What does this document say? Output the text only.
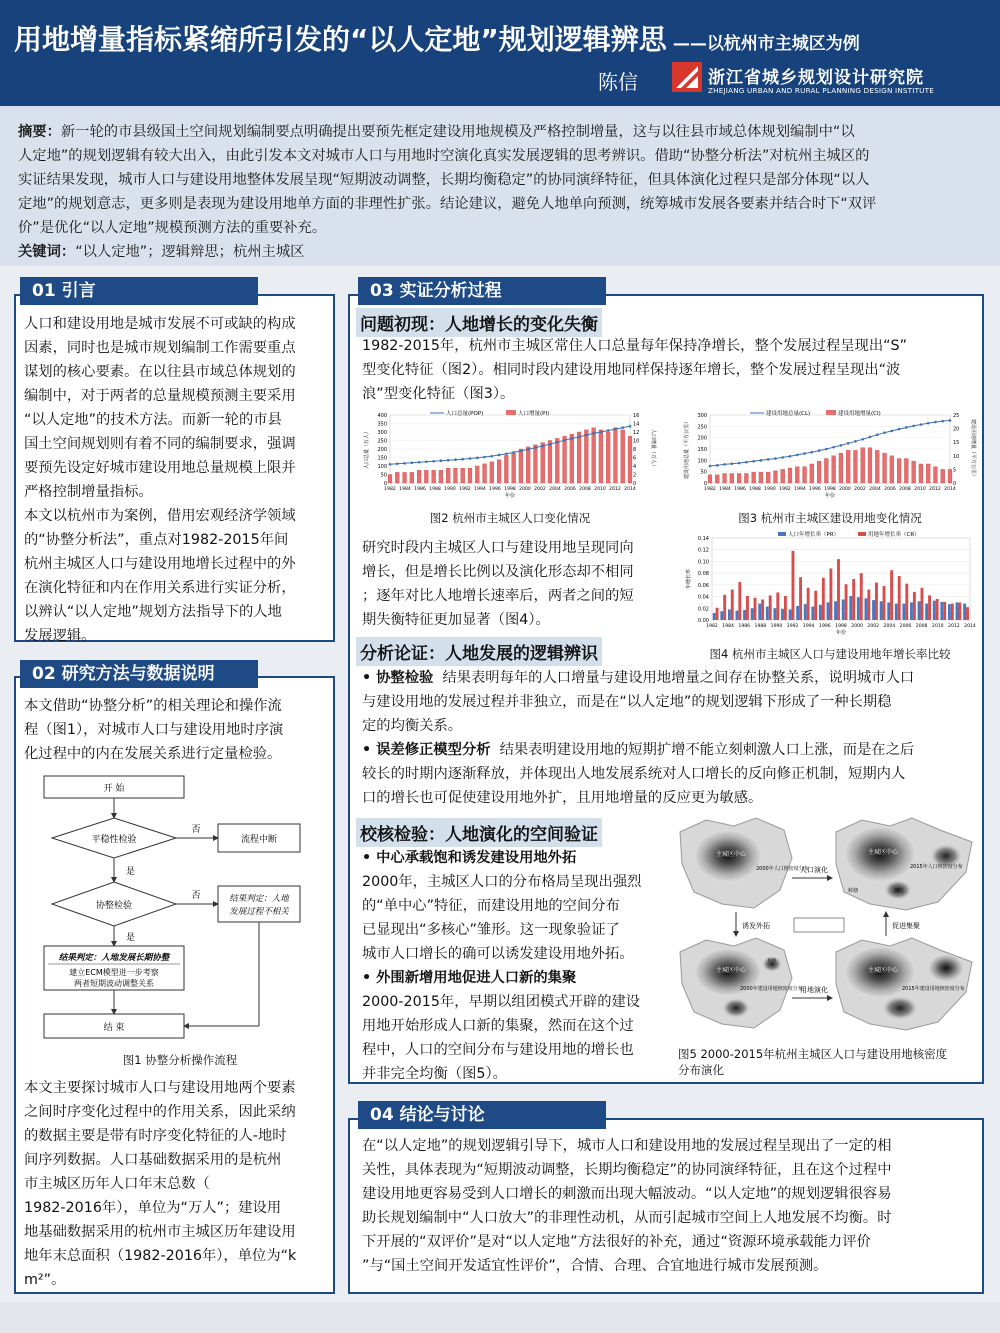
用地增量指标紧缩所引发的“以人定地”规划逻辑辨思 ——以杭州市主城区为例
陈信	浙江省城乡规划设计研究院
ZHEJIANG URBAN AND RURAL PLANNING DESIGN INSTITUTE
摘要：新一轮的市县级国土空间规划编制要点明确提出要预先框定建设用地规模及严格控制增量，这与以往县市域总体规划编制中“以
人定地”的规划逻辑有较大出入，由此引发本文对城市人口与用地时空演化真实发展逻辑的思考辨识。借助“协整分析法”对杭州主城区的
实证结果发现，城市人口与建设用地整体发展呈现“短期波动调整，长期均衡稳定”的协同演绎特征，但具体演化过程只是部分体现“以人
定地”的规划意志，更多则是表现为建设用地单方面的非理性扩张。结论建议，避免人地单向预测，统筹城市发展各要素并结合时下“双评
价”是优化“以人定地”规模预测方法的重要补充。
关键词：“以人定地”；逻辑辩思；杭州主城区
01 引言
人口和建设用地是城市发展不可或缺的构成
因素，同时也是城市规划编制工作需要重点
谋划的核心要素。在以往县市域总体规划的
编制中，对于两者的总量规模预测主要采用
“以人定地”的技术方法。而新一轮的市县
国土空间规划则有着不同的编制要求，强调
要预先设定好城市建设用地总量规模上限并
严格控制增量指标。
本文以杭州市为案例，借用宏观经济学领域
的“协整分析法”，重点对1982-2015年间
杭州主城区人口与建设用地增长过程中的外
在演化特征和内在作用关系进行实证分析，
以辨认“以人定地”规划方法指导下的人地
发展逻辑。
02 研究方法与数据说明
本文借助“协整分析”的相关理论和操作流
程（图1），对城市人口与建设用地时序演
化过程中的内在发展关系进行定量检验。
开 始
平稳性检验
否
流程中断
是
协整检验
否	结果判定：人地
发展过程不相关
是
结果判定：人地发展长期协整
建立ECM模型进一步考察
两者短期波动调整关系
结 束
图1 协整分析操作流程
本文主要探讨城市人口与建设用地两个要素
之间时序变化过程中的作用关系，因此采纳
的数据主要是带有时序变化特征的人-地时
间序列数据。人口基础数据采用的是杭州
市主城区历年人口年末总数（
1982-2016年），单位为“万人”；建设用
地基础数据采用的杭州市主城区历年建设用
地年末总面积（1982-2016年），单位为“k
m²”。
03 实证分析过程
问题初现：人地增长的变化失衡
1982-2015年，杭州市主城区常住人口总量每年保持净增长，整个发展过程呈现出“S”
型变化特征（图2）。相同时段内建设用地同样保持逐年增长，整个发展过程呈现出“波
浪”型变化特征（图3）。
0
50
100
150
200
250
300
350
400
0
2
4
6
8
10
12
14
16
1982 1984 1986 1988 1990 1992 1994 1996 1998 2000 2002 2004 2006 2008 2010 2012 2014
年份
人口总量（万人）	人口增量（万人）
人口总量(POP)	人口增量(PI)
图2 杭州市主城区人口变化情况
0
50
100
150
200
250
300
0
5
10
15
20
25
1982 1984 1986 1988 1990 1992 1994 1996 1998 2000 2002 2004 2006 2008 2010 2012 2014
年份
建设用地总量（平方公里）	建设用地增量（平方公里）
建设用地总量(CL)	建设用地增量(CI)
图3 杭州市主城区建设用地变化情况
研究时段内主城区人口与建设用地呈现同向
增长，但是增长比例以及演化形态却不相同
；逐年对比人地增长速率后，两者之间的短
期失衡特征更加显著（图4）。	0.00
0.02
0.04
0.06
0.08
0.10
0.12
0.14
1982 1984 1986 1988 1990 1992 1994 1996 1998 2000 2002 2004 2006 2008 2010 2012 2014
年份
年增长率
人口年增长率（PR）	用地年增长率（CR）
图4 杭州市主城区人口与建设用地年增长率比较
分析论证：人地发展的逻辑辨识
• 协整检验 结果表明每年的人口增量与建设用地增量之间存在协整关系，说明城市人口
与建设用地的发展过程并非独立，而是在“以人定地”的规划逻辑下形成了一种长期稳
定的均衡关系。
• 误差修正模型分析 结果表明建设用地的短期扩增不能立刻刺激人口上涨，而是在之后
较长的时期内逐渐释放，并体现出人地发展系统对人口增长的反向修正机制，短期内人
口的增长也可促使建设用地外扩，且用地增量的反应更为敏感。
校核检验：人地演化的空间验证
• 中心承载饱和诱发建设用地外拓
2000年，主城区人口的分布格局呈现出强烈
的“单中心”特征，而建设用地的空间分布
已显现出“多核心”雏形。这一现象验证了
城市人口增长的确可以诱发建设用地外拓。
• 外围新增用地促进人口新的集聚
2000-2015年，早期以组团模式开辟的建设
用地开始形成人口新的集聚，然而在这个过
程中，人口的空间分布与建设用地的增长也
并非完全均衡（图5）。
主城区中心
2000年人口核密度分布
主城区中心
2015年人口核密度分布
滨江
转塘
主城区中心
2000年建设用地核密度分布
下沙
主城区中心
2015年建设用地核密度分布
人口演化
用地演化
诱发外拓	促进集聚
图5 2000-2015年杭州主城区人口与建设用地核密度
分布演化
04 结论与讨论
在“以人定地”的规划逻辑引导下，城市人口和建设用地的发展过程呈现出了一定的相
关性，具体表现为“短期波动调整，长期均衡稳定”的协同演绎特征，且在这个过程中
建设用地更容易受到人口增长的刺激而出现大幅波动。“以人定地”的规划逻辑很容易
助长规划编制中“人口放大”的非理性动机，从而引起城市空间上人地发展不均衡。时
下开展的“双评价”是对“以人定地”方法很好的补充，通过“资源环境承载能力评价
”与“国土空间开发适宜性评价”，合情、合理、合宜地进行城市发展预测。
